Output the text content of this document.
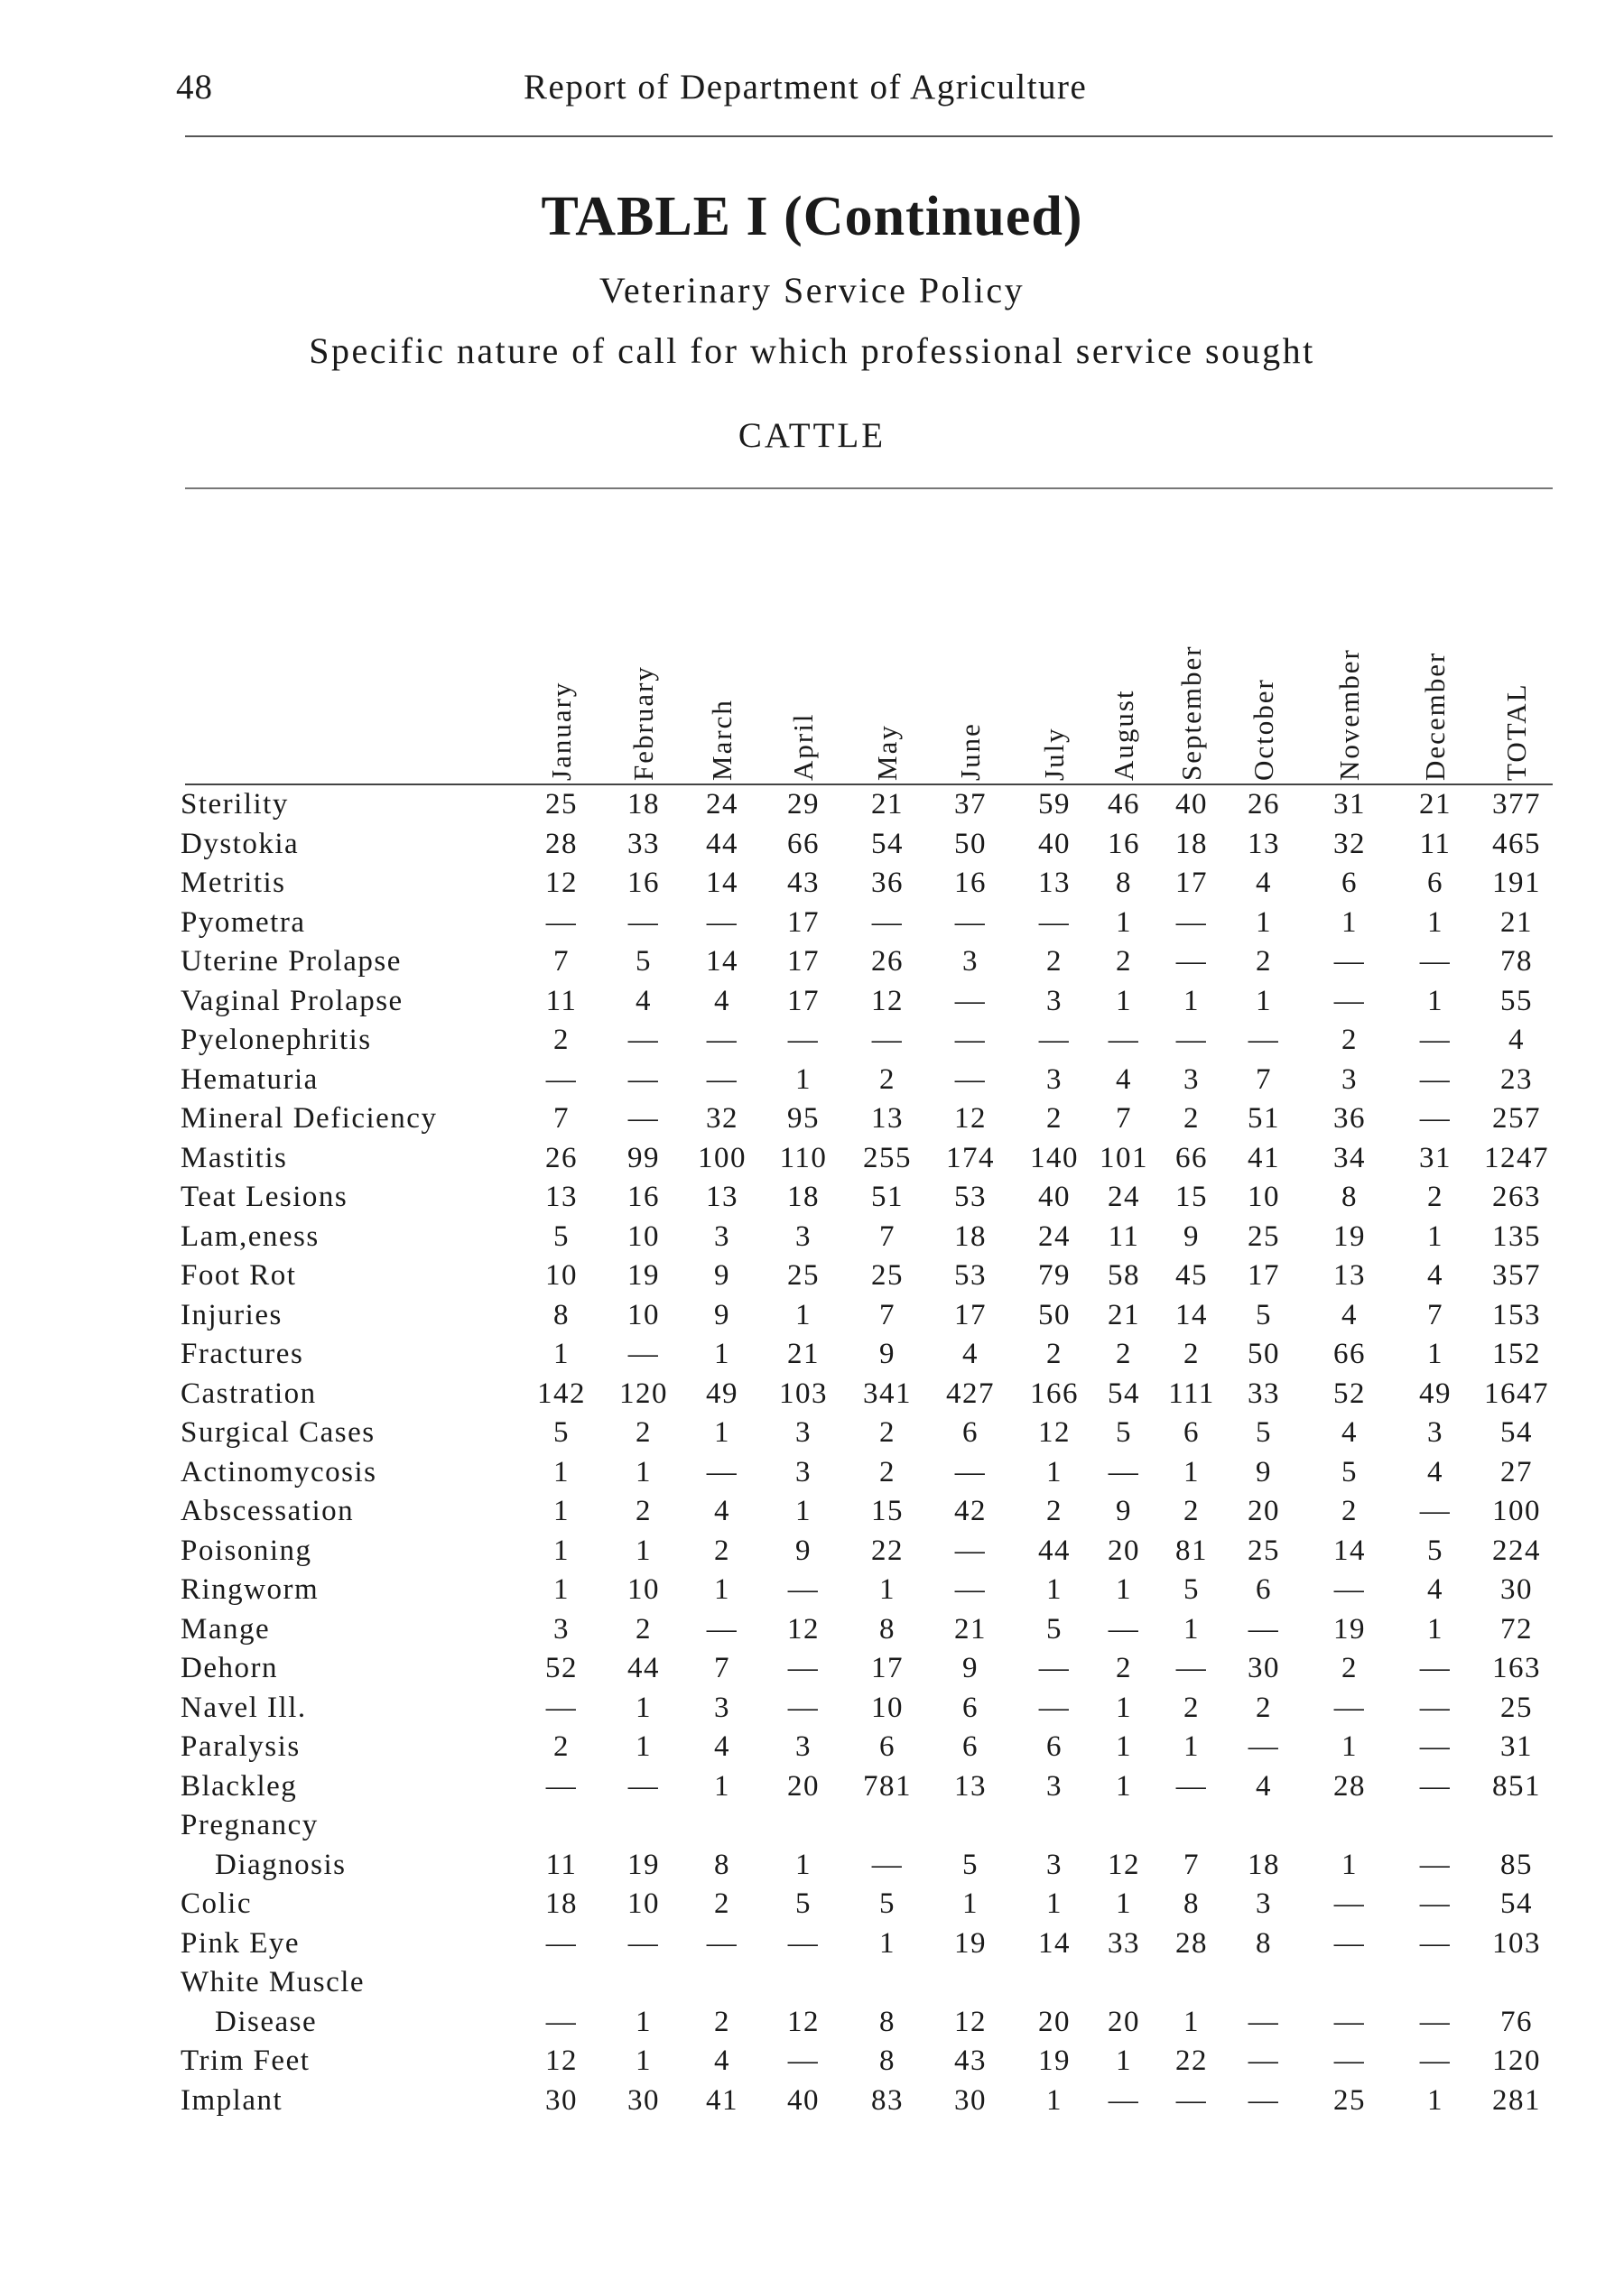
48	Report of Department of Agriculture
TABLE I (Continued)
Veterinary Service Policy
Specific nature of call for which professional service sought
CATTLE
January February March April May June July August September October November December TOTAL
Sterility	25	18	24	29	21	37	59	46	40	26	31	21	377
Dystokia	28	33	44	66	54	50	40	16	18	13	32	11	465
Metritis	12	16	14	43	36	16	13	8	17	4	6	6	191
Pyometra	—	—	—	17	—	—	—	1	—	1	1	1	21
Uterine Prolapse	7	5	14	17	26	3	2	2	—	2	—	—	78
Vaginal Prolapse	11	4	4	17	12	—	3	1	1	1	—	1	55
Pyelonephritis	2	—	—	—	—	—	—	—	—	—	2	—	4
Hematuria	—	—	—	1	2	—	3	4	3	7	3	—	23
Mineral Deficiency	7	—	32	95	13	12	2	7	2	51	36	—	257
Mastitis	26	99	100	110	255	174	140 101 66	41	34	31	1247
Teat Lesions	13	16	13	18	51	53	40	24	15	10	8	2	263
Lam,eness	5	10	3	3	7	18	24	11	9	25	19	1	135
Foot Rot	10	19	9	25	25	53	79	58	45	17	13	4	357
Injuries	8	10	9	1	7	17	50	21	14	5	4	7	153
Fractures	1	—	1	21	9	4	2	2	2	50	66	1	152
Castration	142	120	49	103	341	427	166 54 111	33	52	49	1647
Surgical Cases	5	2	1	3	2	6	12	5	6	5	4	3	54
Actinomycosis	1	1	—	3	2	—	1	—	1	9	5	4	27
Abscessation	1	2	4	1	15	42	2	9	2	20	2	—	100
Poisoning	1	1	2	9	22	—	44	20	81	25	14	5	224
Ringworm	1	10	1	—	1	—	1	1	5	6	—	4	30
Mange	3	2	—	12	8	21	5	—	1	—	19	1	72
Dehorn	52	44	7	—	17	9	—	2	—	30	2	—	163
Navel Ill.	—	1	3	—	10	6	—	1	2	2	—	—	25
Paralysis	2	1	4	3	6	6	6	1	1	—	1	—	31
Blackleg	—	—	1	20	781	13	3	1	—	4	28	—	851
Pregnancy
Diagnosis	11	19	8	1	—	5	3	12	7	18	1	—	85
Colic	18	10	2	5	5	1	1	1	8	3	—	—	54
Pink Eye	—	—	—	—	1	19	14	33	28	8	—	—	103
White Muscle
Disease	—	1	2	12	8	12	20	20	1	—	—	—	76
Trim Feet	12	1	4	—	8	43	19	1	22	—	—	—	120
Implant	30	30	41	40	83	30	1	—	—	—	25	1	281
